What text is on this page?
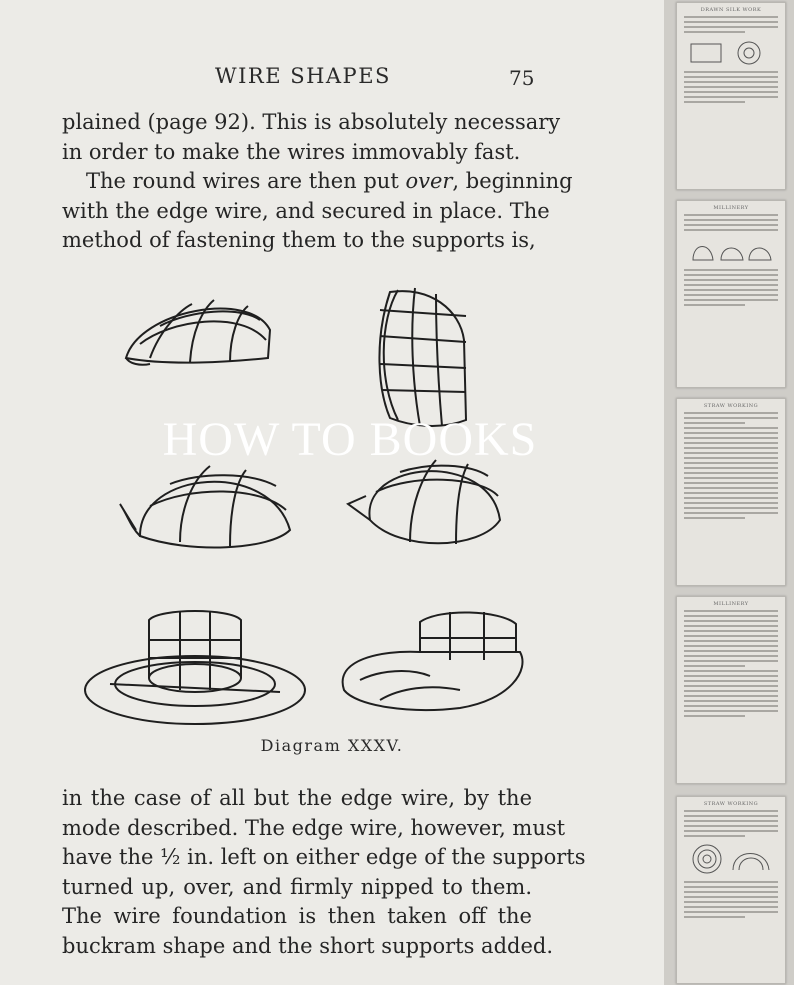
WIRE SHAPES	75
plained (page 92). This is absolutely necessary
in order to make the wires immovably fast.
The round wires are then put over, beginning
with the edge wire, and secured in place. The
method of fastening them to the supports is,
Diagram XXXV.
HOW TO BOOKS
in the case of all but the edge wire, by the
mode described. The edge wire, however, must
have the ½ in. left on either edge of the supports
turned up, over, and firmly nipped to them.
The wire foundation is then taken off the
buckram shape and the short supports added.
DRAWN SILK WORK
MILLINERY
STRAW WORKING
MILLINERY
STRAW WORKING
